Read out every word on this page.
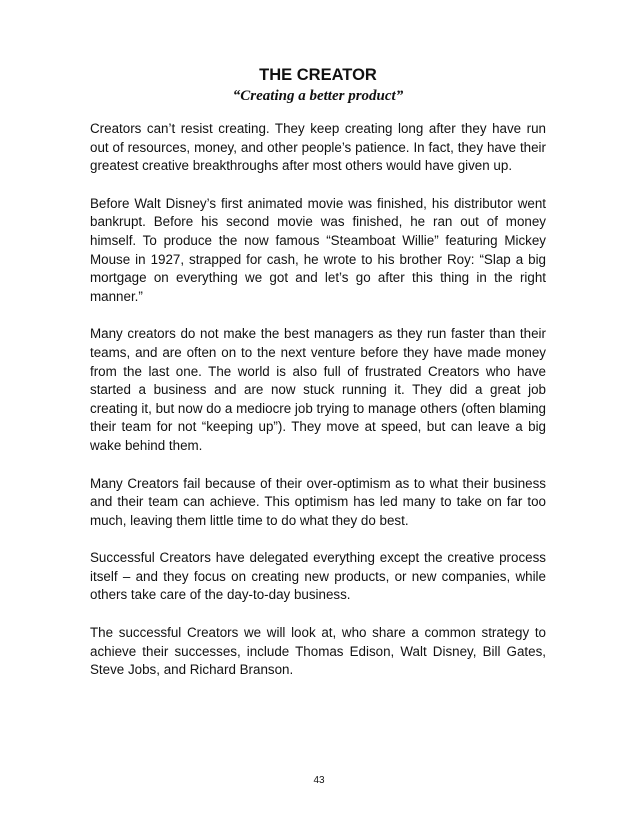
THE CREATOR
“Creating a better product”

Creators can’t resist creating. They keep creating long after they have run out of resources, money, and other people’s patience. In fact, they have their greatest creative breakthroughs after most others would have given up.

Before Walt Disney’s first animated movie was finished, his distributor went bankrupt. Before his second movie was finished, he ran out of money himself. To produce the now famous “Steamboat Willie” featuring Mickey Mouse in 1927, strapped for cash, he wrote to his brother Roy: “Slap a big mortgage on everything we got and let’s go after this thing in the right manner.”

Many creators do not make the best managers as they run faster than their teams, and are often on to the next venture before they have made money from the last one. The world is also full of frustrated Creators who have started a business and are now stuck running it. They did a great job creating it, but now do a mediocre job trying to manage others (often blaming their team for not “keeping up”). They move at speed, but can leave a big wake behind them.

Many Creators fail because of their over-optimism as to what their business and their team can achieve. This optimism has led many to take on far too much, leaving them little time to do what they do best.

Successful Creators have delegated everything except the creative process itself – and they focus on creating new products, or new companies, while others take care of the day-to-day business.

The successful Creators we will look at, who share a common strategy to achieve their successes, include Thomas Edison, Walt Disney, Bill Gates, Steve Jobs, and Richard Branson.

43
